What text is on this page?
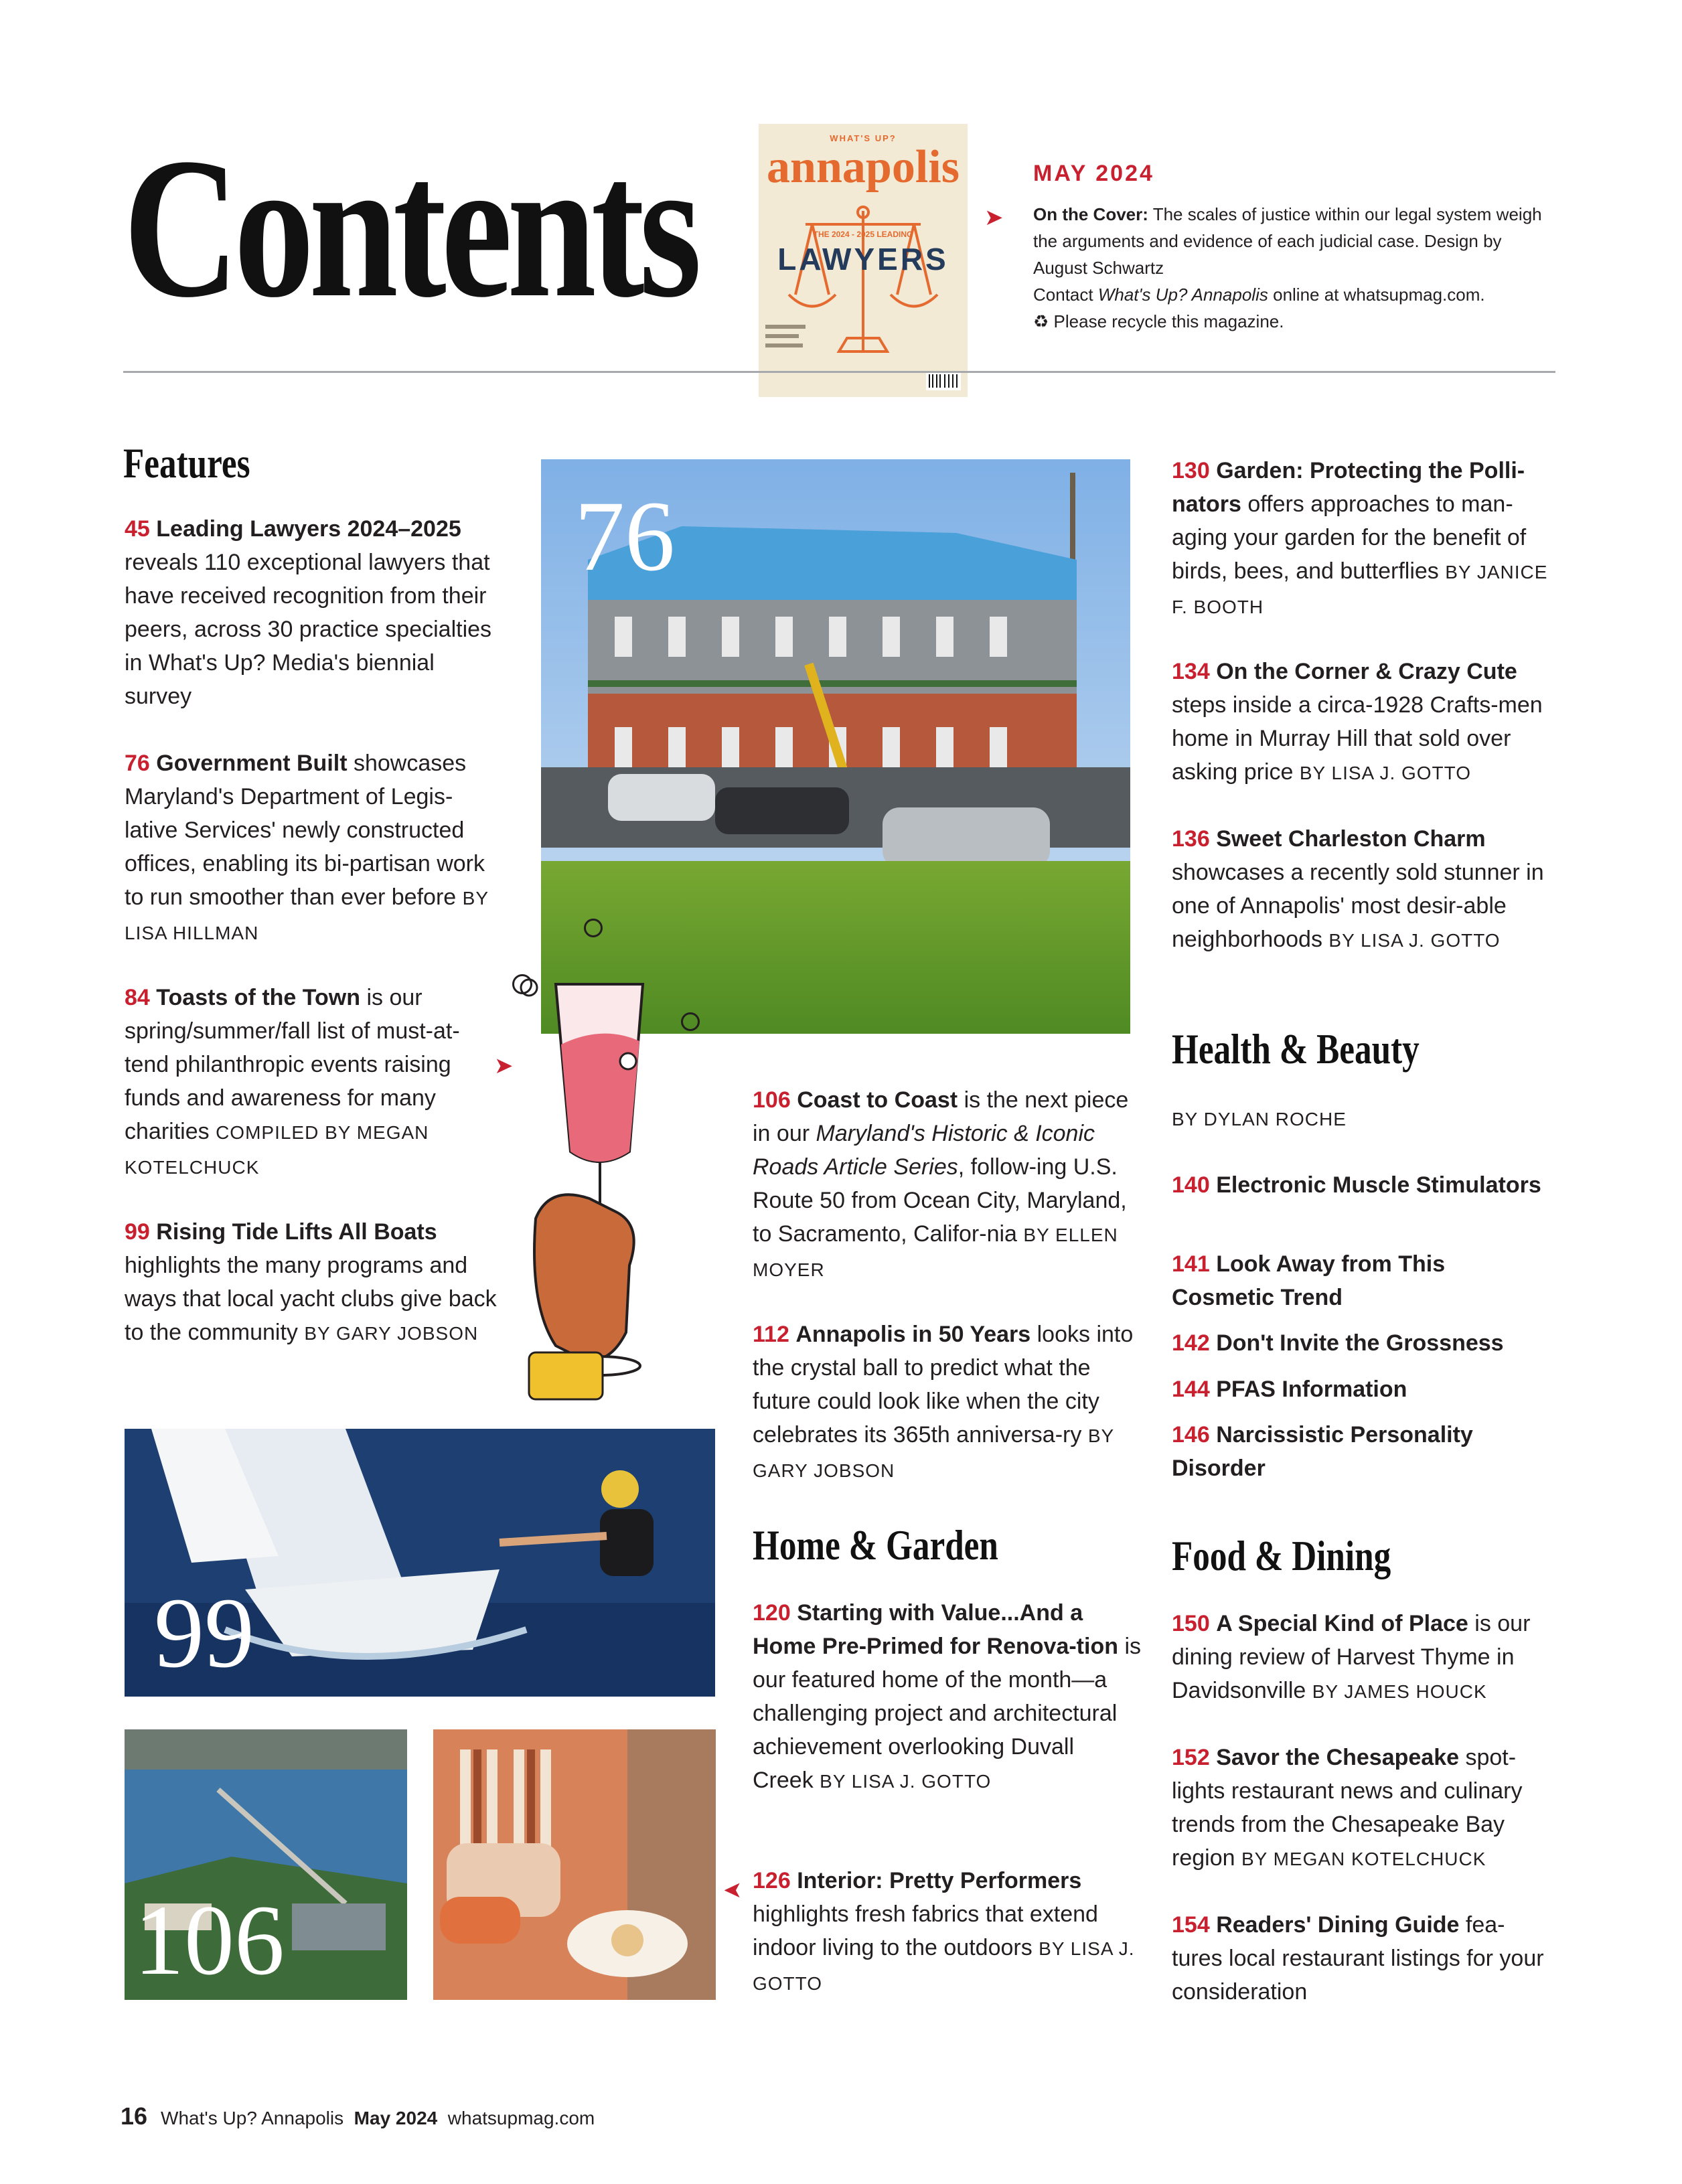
Contents	WHAT'S UP?
annapolis
THE 2024 - 2025 LEADING
LAWYERS
MAY 2024
➤ On the Cover: The scales of justice within our legal system weigh the arguments and evidence of each judicial case. Design by August Schwartz
Contact What's Up? Annapolis online at whatsupmag.com.
♻ Please recycle this magazine.
Features
45 Leading Lawyers 2024–2025 reveals 110 exceptional lawyers that have received recognition from their peers, across 30 practice specialties in What's Up? Media's biennial survey
76 Government Built showcases Maryland's Department of Legis-lative Services' newly constructed offices, enabling its bi-partisan work to run smoother than ever before BY LISA HILLMAN
84 Toasts of the Town is our spring/summer/fall list of must-at-tend philanthropic events raising funds and awareness for many charities COMPILED BY MEGAN KOTELCHUCK
➤
99 Rising Tide Lifts All Boats highlights the many programs and ways that local yacht clubs give back to the community BY GARY JOBSON
76
99
106
106 Coast to Coast is the next piece in our Maryland's Historic & Iconic Roads Article Series, follow-ing U.S. Route 50 from Ocean City, Maryland, to Sacramento, Califor-nia BY ELLEN MOYER
112 Annapolis in 50 Years looks into the crystal ball to predict what the future could look like when the city celebrates its 365th anniversa-ry BY GARY JOBSON
Home & Garden
120 Starting with Value...And a Home Pre-Primed for Renova-tion is our featured home of the month—a challenging project and architectural achievement overlooking Duvall Creek BY LISA J. GOTTO
➤ 126 Interior: Pretty Performers highlights fresh fabrics that extend indoor living to the outdoors BY LISA J. GOTTO
130 Garden: Protecting the Polli-nators offers approaches to man-aging your garden for the benefit of birds, bees, and butterflies BY JANICE F. BOOTH
134 On the Corner & Crazy Cute steps inside a circa-1928 Crafts-men home in Murray Hill that sold over asking price BY LISA J. GOTTO
136 Sweet Charleston Charm showcases a recently sold stunner in one of Annapolis' most desir-able neighborhoods BY LISA J. GOTTO
Health & Beauty
BY DYLAN ROCHE
140 Electronic Muscle Stimulators
141 Look Away from This Cosmetic Trend
142 Don't Invite the Grossness
144 PFAS Information
146 Narcissistic Personality Disorder
Food & Dining
150 A Special Kind of Place is our dining review of Harvest Thyme in Davidsonville BY JAMES HOUCK
152 Savor the Chesapeake spot-lights restaurant news and culinary trends from the Chesapeake Bay region BY MEGAN KOTELCHUCK
154 Readers' Dining Guide fea-tures local restaurant listings for your consideration
16 What's Up? Annapolis May 2024 whatsupmag.com
